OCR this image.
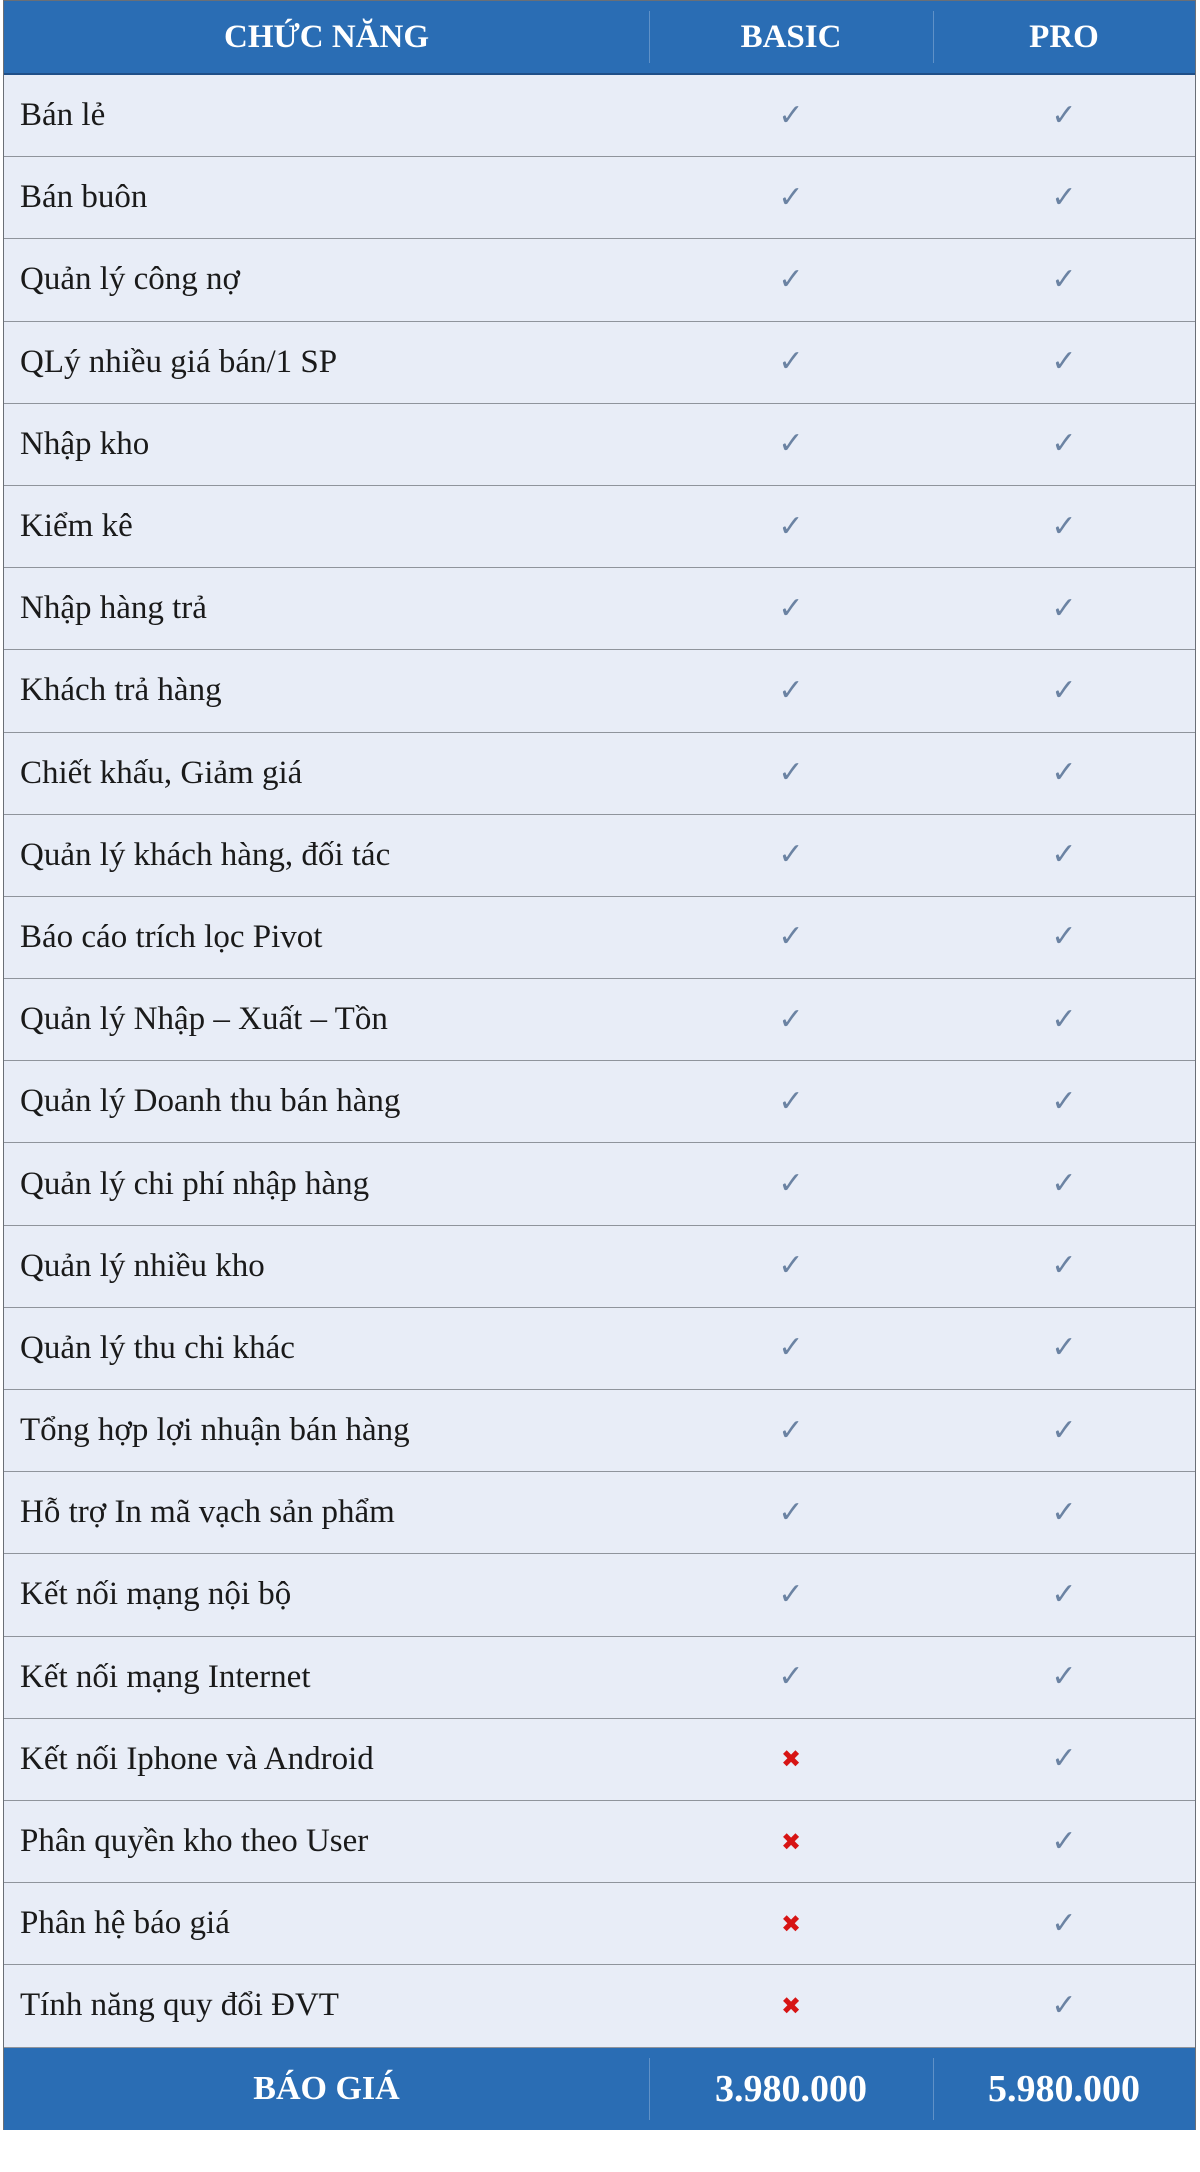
CHỨC NĂNG	BASIC	PRO
Bán lẻ	✓	✓
Bán buôn	✓	✓
Quản lý công nợ	✓	✓
QLý nhiều giá bán/1 SP	✓	✓
Nhập kho	✓	✓
Kiểm kê	✓	✓
Nhập hàng trả	✓	✓
Khách trả hàng	✓	✓
Chiết khấu, Giảm giá	✓	✓
Quản lý khách hàng, đối tác	✓	✓
Báo cáo trích lọc Pivot	✓	✓
Quản lý Nhập – Xuất – Tồn	✓	✓
Quản lý Doanh thu bán hàng	✓	✓
Quản lý chi phí nhập hàng	✓	✓
Quản lý nhiều kho	✓	✓
Quản lý thu chi khác	✓	✓
Tổng hợp lợi nhuận bán hàng	✓	✓
Hỗ trợ In mã vạch sản phẩm	✓	✓
Kết nối mạng nội bộ	✓	✓
Kết nối mạng Internet	✓	✓
Kết nối Iphone và Android	✖	✓
Phân quyền kho theo User	✖	✓
Phân hệ báo giá	✖	✓
Tính năng quy đổi ĐVT	✖	✓
BÁO GIÁ	3.980.000	5.980.000
